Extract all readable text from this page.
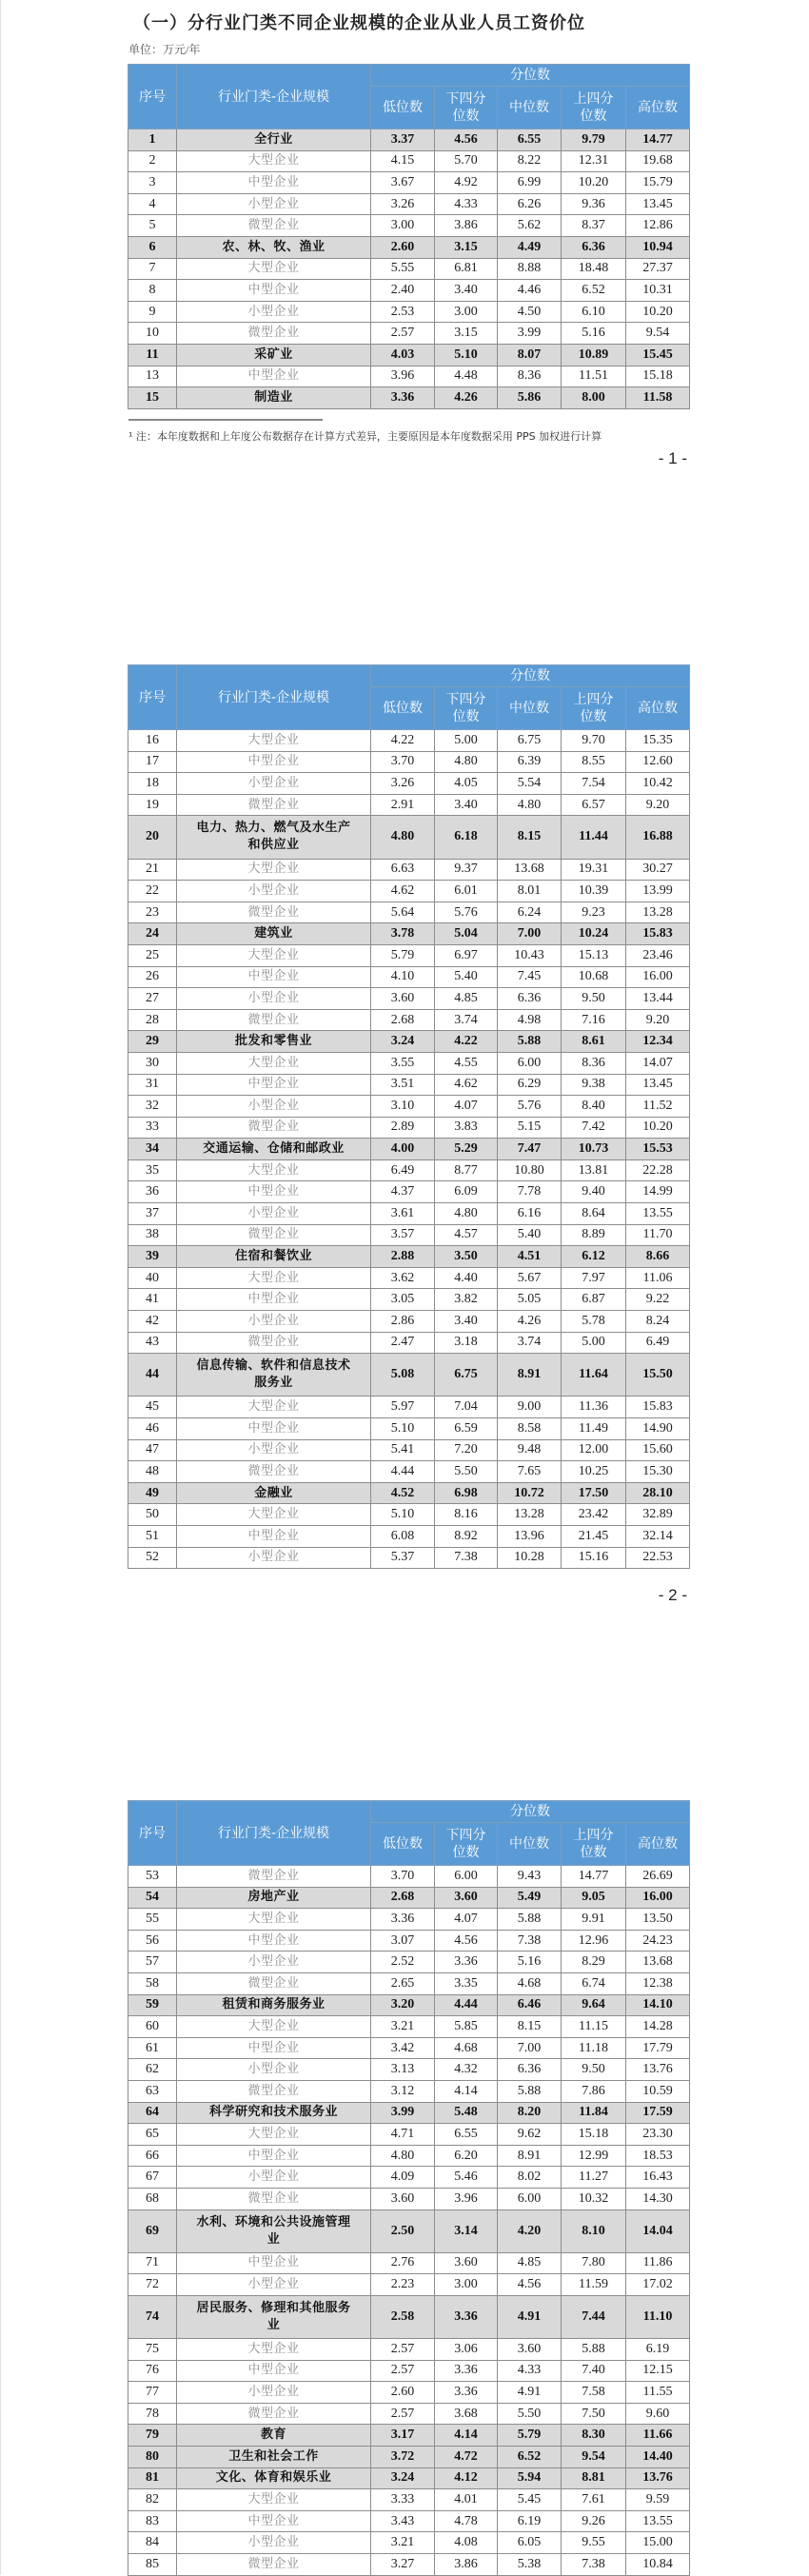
（一）分行业门类不同企业规模的企业从业人员工资价位
单位：万元/年
序号	行业门类-企业规模	分位数				
		低位数	下四分位数	中位数	上四分位数	高位数
1	全行业	3.37	4.56	6.55	9.79	14.77
2	大型企业	4.15	5.70	8.22	12.31	19.68
3	中型企业	3.67	4.92	6.99	10.20	15.79
4	小型企业	3.26	4.33	6.26	9.36	13.45
5	微型企业	3.00	3.86	5.62	8.37	12.86
6	农、林、牧、渔业	2.60	3.15	4.49	6.36	10.94
7	大型企业	5.55	6.81	8.88	18.48	27.37
8	中型企业	2.40	3.40	4.46	6.52	10.31
9	小型企业	2.53	3.00	4.50	6.10	10.20
10	微型企业	2.57	3.15	3.99	5.16	9.54
11	采矿业	4.03	5.10	8.07	10.89	15.45
13	中型企业	3.96	4.48	8.36	11.51	15.18
15	制造业	3.36	4.26	5.86	8.00	11.58
¹ 注：本年度数据和上年度公布数据存在计算方式差异，主要原因是本年度数据采用 PPS 加权进行计算
- 1 -
序号	行业门类-企业规模	分位数				
		低位数	下四分位数	中位数	上四分位数	高位数
16	大型企业	4.22	5.00	6.75	9.70	15.35
17	中型企业	3.70	4.80	6.39	8.55	12.60
18	小型企业	3.26	4.05	5.54	7.54	10.42
19	微型企业	2.91	3.40	4.80	6.57	9.20
20	电力、热力、燃气及水生产和供应业	4.80	6.18	8.15	11.44	16.88
21	大型企业	6.63	9.37	13.68	19.31	30.27
22	小型企业	4.62	6.01	8.01	10.39	13.99
23	微型企业	5.64	5.76	6.24	9.23	13.28
24	建筑业	3.78	5.04	7.00	10.24	15.83
25	大型企业	5.79	6.97	10.43	15.13	23.46
26	中型企业	4.10	5.40	7.45	10.68	16.00
27	小型企业	3.60	4.85	6.36	9.50	13.44
28	微型企业	2.68	3.74	4.98	7.16	9.20
29	批发和零售业	3.24	4.22	5.88	8.61	12.34
30	大型企业	3.55	4.55	6.00	8.36	14.07
31	中型企业	3.51	4.62	6.29	9.38	13.45
32	小型企业	3.10	4.07	5.76	8.40	11.52
33	微型企业	2.89	3.83	5.15	7.42	10.20
34	交通运输、仓储和邮政业	4.00	5.29	7.47	10.73	15.53
35	大型企业	6.49	8.77	10.80	13.81	22.28
36	中型企业	4.37	6.09	7.78	9.40	14.99
37	小型企业	3.61	4.80	6.16	8.64	13.55
38	微型企业	3.57	4.57	5.40	8.89	11.70
39	住宿和餐饮业	2.88	3.50	4.51	6.12	8.66
40	大型企业	3.62	4.40	5.67	7.97	11.06
41	中型企业	3.05	3.82	5.05	6.87	9.22
42	小型企业	2.86	3.40	4.26	5.78	8.24
43	微型企业	2.47	3.18	3.74	5.00	6.49
44	信息传输、软件和信息技术服务业	5.08	6.75	8.91	11.64	15.50
45	大型企业	5.97	7.04	9.00	11.36	15.83
46	中型企业	5.10	6.59	8.58	11.49	14.90
47	小型企业	5.41	7.20	9.48	12.00	15.60
48	微型企业	4.44	5.50	7.65	10.25	15.30
49	金融业	4.52	6.98	10.72	17.50	28.10
50	大型企业	5.10	8.16	13.28	23.42	32.89
51	中型企业	6.08	8.92	13.96	21.45	32.14
52	小型企业	5.37	7.38	10.28	15.16	22.53
- 2 -
序号	行业门类-企业规模	分位数				
		低位数	下四分位数	中位数	上四分位数	高位数
53	微型企业	3.70	6.00	9.43	14.77	26.69
54	房地产业	2.68	3.60	5.49	9.05	16.00
55	大型企业	3.36	4.07	5.88	9.91	13.50
56	中型企业	3.07	4.56	7.38	12.96	24.23
57	小型企业	2.52	3.36	5.16	8.29	13.68
58	微型企业	2.65	3.35	4.68	6.74	12.38
59	租赁和商务服务业	3.20	4.44	6.46	9.64	14.10
60	大型企业	3.21	5.85	8.15	11.15	14.28
61	中型企业	3.42	4.68	7.00	11.18	17.79
62	小型企业	3.13	4.32	6.36	9.50	13.76
63	微型企业	3.12	4.14	5.88	7.86	10.59
64	科学研究和技术服务业	3.99	5.48	8.20	11.84	17.59
65	大型企业	4.71	6.55	9.62	15.18	23.30
66	中型企业	4.80	6.20	8.91	12.99	18.53
67	小型企业	4.09	5.46	8.02	11.27	16.43
68	微型企业	3.60	3.96	6.00	10.32	14.30
69	水利、环境和公共设施管理业	2.50	3.14	4.20	8.10	14.04
71	中型企业	2.76	3.60	4.85	7.80	11.86
72	小型企业	2.23	3.00	4.56	11.59	17.02
74	居民服务、修理和其他服务业	2.58	3.36	4.91	7.44	11.10
75	大型企业	2.57	3.06	3.60	5.88	6.19
76	中型企业	2.57	3.36	4.33	7.40	12.15
77	小型企业	2.60	3.36	4.91	7.58	11.55
78	微型企业	2.57	3.68	5.50	7.50	9.60
79	教育	3.17	4.14	5.79	8.30	11.66
80	卫生和社会工作	3.72	4.72	6.52	9.54	14.40
81	文化、体育和娱乐业	3.24	4.12	5.94	8.81	13.76
82	大型企业	3.33	4.01	5.45	7.61	9.59
83	中型企业	3.43	4.78	6.19	9.26	13.55
84	小型企业	3.21	4.08	6.05	9.55	15.00
85	微型企业	3.27	3.86	5.38	7.38	10.84
